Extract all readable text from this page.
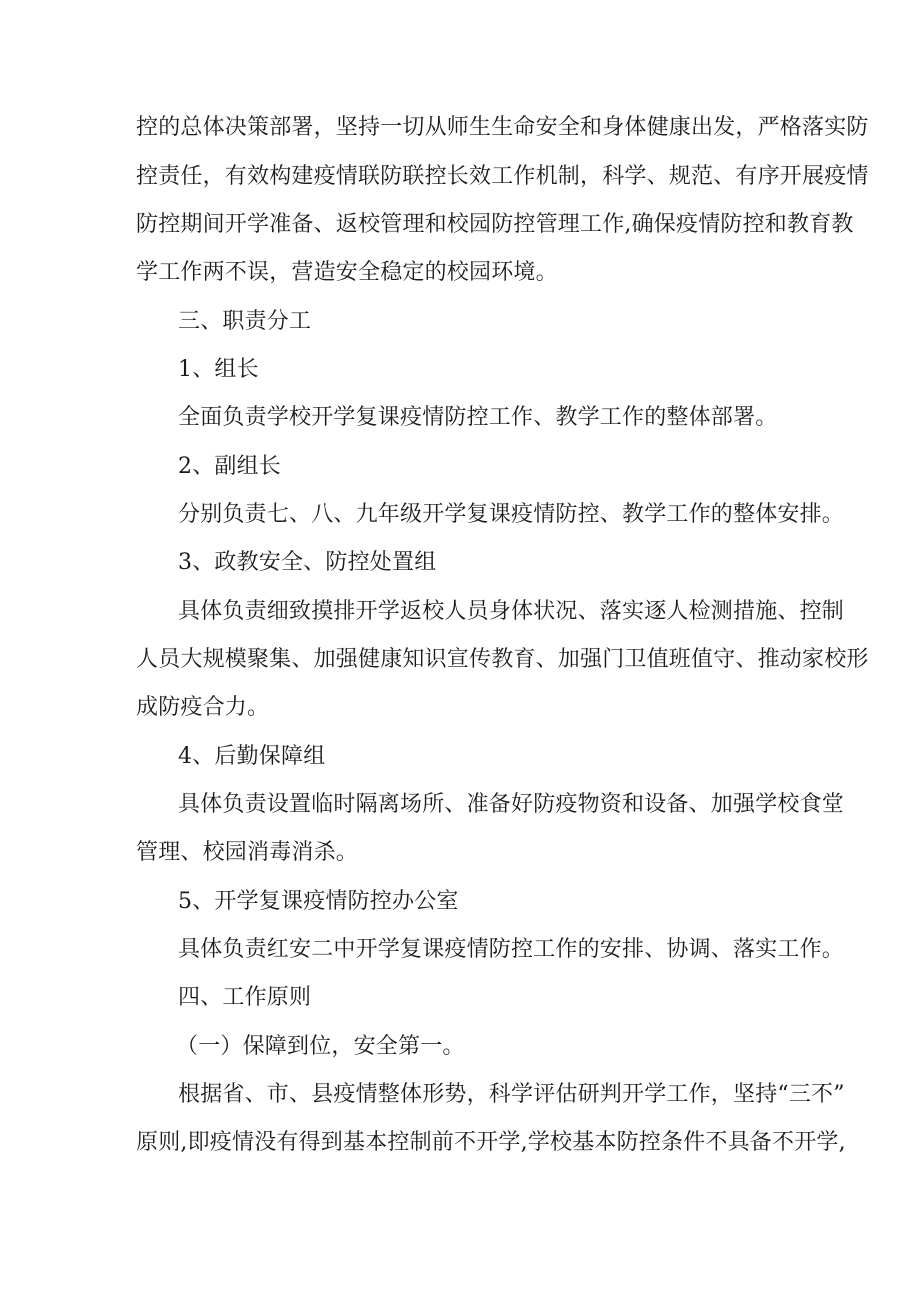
控的总体决策部署，坚持一切从师生生命安全和身体健康出发，严格落实防
控责任，有效构建疫情联防联控长效工作机制，科学、规范、有序开展疫情
防控期间开学准备、返校管理和校园防控管理工作,确保疫情防控和教育教
学工作两不误，营造安全稳定的校园环境。
三、职责分工
1、组长
全面负责学校开学复课疫情防控工作、教学工作的整体部署。
2、副组长
分别负责七、八、九年级开学复课疫情防控、教学工作的整体安排。
3、政教安全、防控处置组
具体负责细致摸排开学返校人员身体状况、落实逐人检测措施、控制
人员大规模聚集、加强健康知识宣传教育、加强门卫值班值守、推动家校形
成防疫合力。
4、后勤保障组
具体负责设置临时隔离场所、准备好防疫物资和设备、加强学校食堂
管理、校园消毒消杀。
5、开学复课疫情防控办公室
具体负责红安二中开学复课疫情防控工作的安排、协调、落实工作。
四、工作原则
（一）保障到位，安全第一。
根据省、市、县疫情整体形势，科学评估研判开学工作，坚持“三不”
原则,即疫情没有得到基本控制前不开学,学校基本防控条件不具备不开学,
